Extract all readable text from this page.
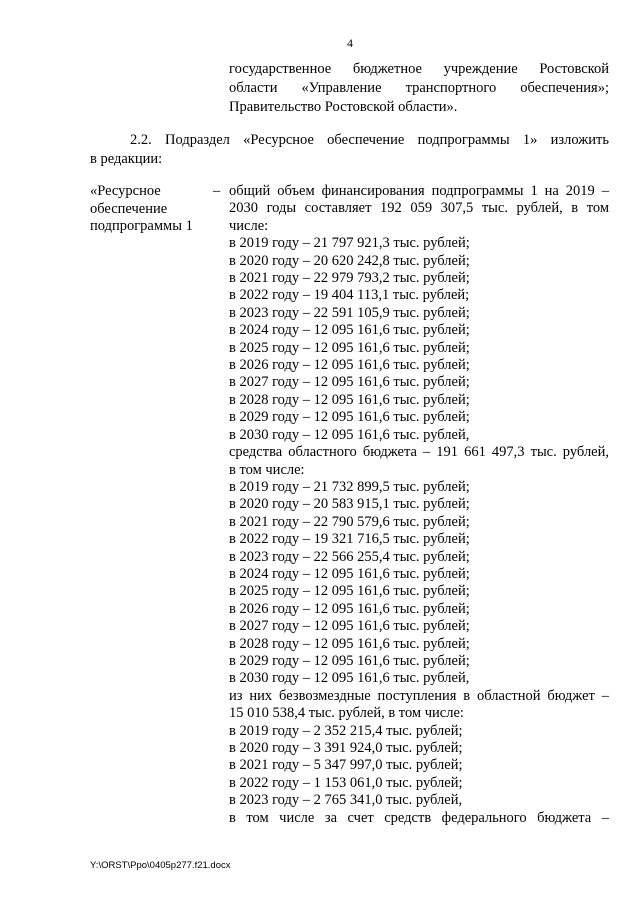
4
государственное бюджетное учреждение Ростовской
области «Управление транспортного обеспечения»;
Правительство Ростовской области».
2.2. Подраздел «Ресурсное обеспечение подпрограммы 1» изложить
в редакции:
«Ресурсное
обеспечение
подпрограммы 1
– общий объем финансирования подпрограммы 1 на 2019 –
2030 годы составляет 192 059 307,5 тыс. рублей, в том
числе:
в 2019 году – 21 797 921,3 тыс. рублей;
в 2020 году – 20 620 242,8 тыс. рублей;
в 2021 году – 22 979 793,2 тыс. рублей;
в 2022 году – 19 404 113,1 тыс. рублей;
в 2023 году – 22 591 105,9 тыс. рублей;
в 2024 году – 12 095 161,6 тыс. рублей;
в 2025 году – 12 095 161,6 тыс. рублей;
в 2026 году – 12 095 161,6 тыс. рублей;
в 2027 году – 12 095 161,6 тыс. рублей;
в 2028 году – 12 095 161,6 тыс. рублей;
в 2029 году – 12 095 161,6 тыс. рублей;
в 2030 году – 12 095 161,6 тыс. рублей,
средства областного бюджета – 191 661 497,3 тыс. рублей,
в том числе:
в 2019 году – 21 732 899,5 тыс. рублей;
в 2020 году – 20 583 915,1 тыс. рублей;
в 2021 году – 22 790 579,6 тыс. рублей;
в 2022 году – 19 321 716,5 тыс. рублей;
в 2023 году – 22 566 255,4 тыс. рублей;
в 2024 году – 12 095 161,6 тыс. рублей;
в 2025 году – 12 095 161,6 тыс. рублей;
в 2026 году – 12 095 161,6 тыс. рублей;
в 2027 году – 12 095 161,6 тыс. рублей;
в 2028 году – 12 095 161,6 тыс. рублей;
в 2029 году – 12 095 161,6 тыс. рублей;
в 2030 году – 12 095 161,6 тыс. рублей,
из них безвозмездные поступления в областной бюджет –
15 010 538,4 тыс. рублей, в том числе:
в 2019 году – 2 352 215,4 тыс. рублей;
в 2020 году – 3 391 924,0 тыс. рублей;
в 2021 году – 5 347 997,0 тыс. рублей;
в 2022 году – 1 153 061,0 тыс. рублей;
в 2023 году – 2 765 341,0 тыс. рублей,
в том числе за счет средств федерального бюджета –
Y:\ORST\Ppo\0405p277.f21.docx
